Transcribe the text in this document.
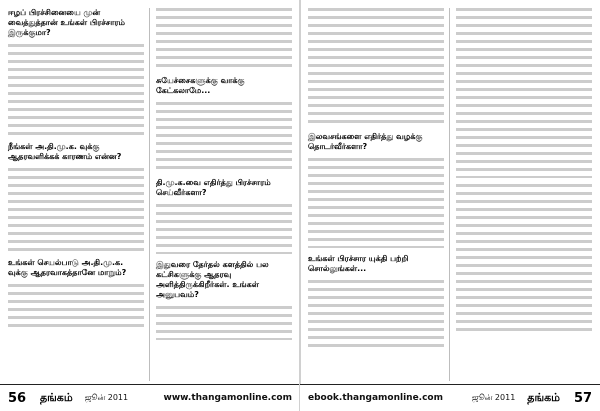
ஈழப் பிரச்சினையை முன் வைத்துத்தான் உங்கள் பிரச்சாரம் இருக்குமா?
நீங்கள் அ.தி.மு.க. வுக்கு ஆதரவளிக்கக் காரணம் என்ன?
உங்கள் செயல்பாடு அ.தி.மு.க. வுக்கு ஆதரவாகத்தானே மாறும்?
சுயேச்சைகளுக்கு வாக்கு கேட்கலாமே...
தி.மு.க.வை எதிர்த்து பிரச்சாரம் செய்வீர்களா?
இதுவரை தேர்தல் களத்தில் பல கட்சிகளுக்கு ஆதரவு அளித்திருக்கிறீர்கள். உங்கள் அனுபவம்?
56	தங்கம்	ஜூன் 2011	www.thangamonline.com
இலவசங்களை எதிர்த்து வழக்கு தொடர்வீர்களா?
உங்கள் பிரச்சார யுக்தி பற்றி சொல்லுங்கள்...
ebook.thangamonline.com	ஜூன் 2011	தங்கம்	57
